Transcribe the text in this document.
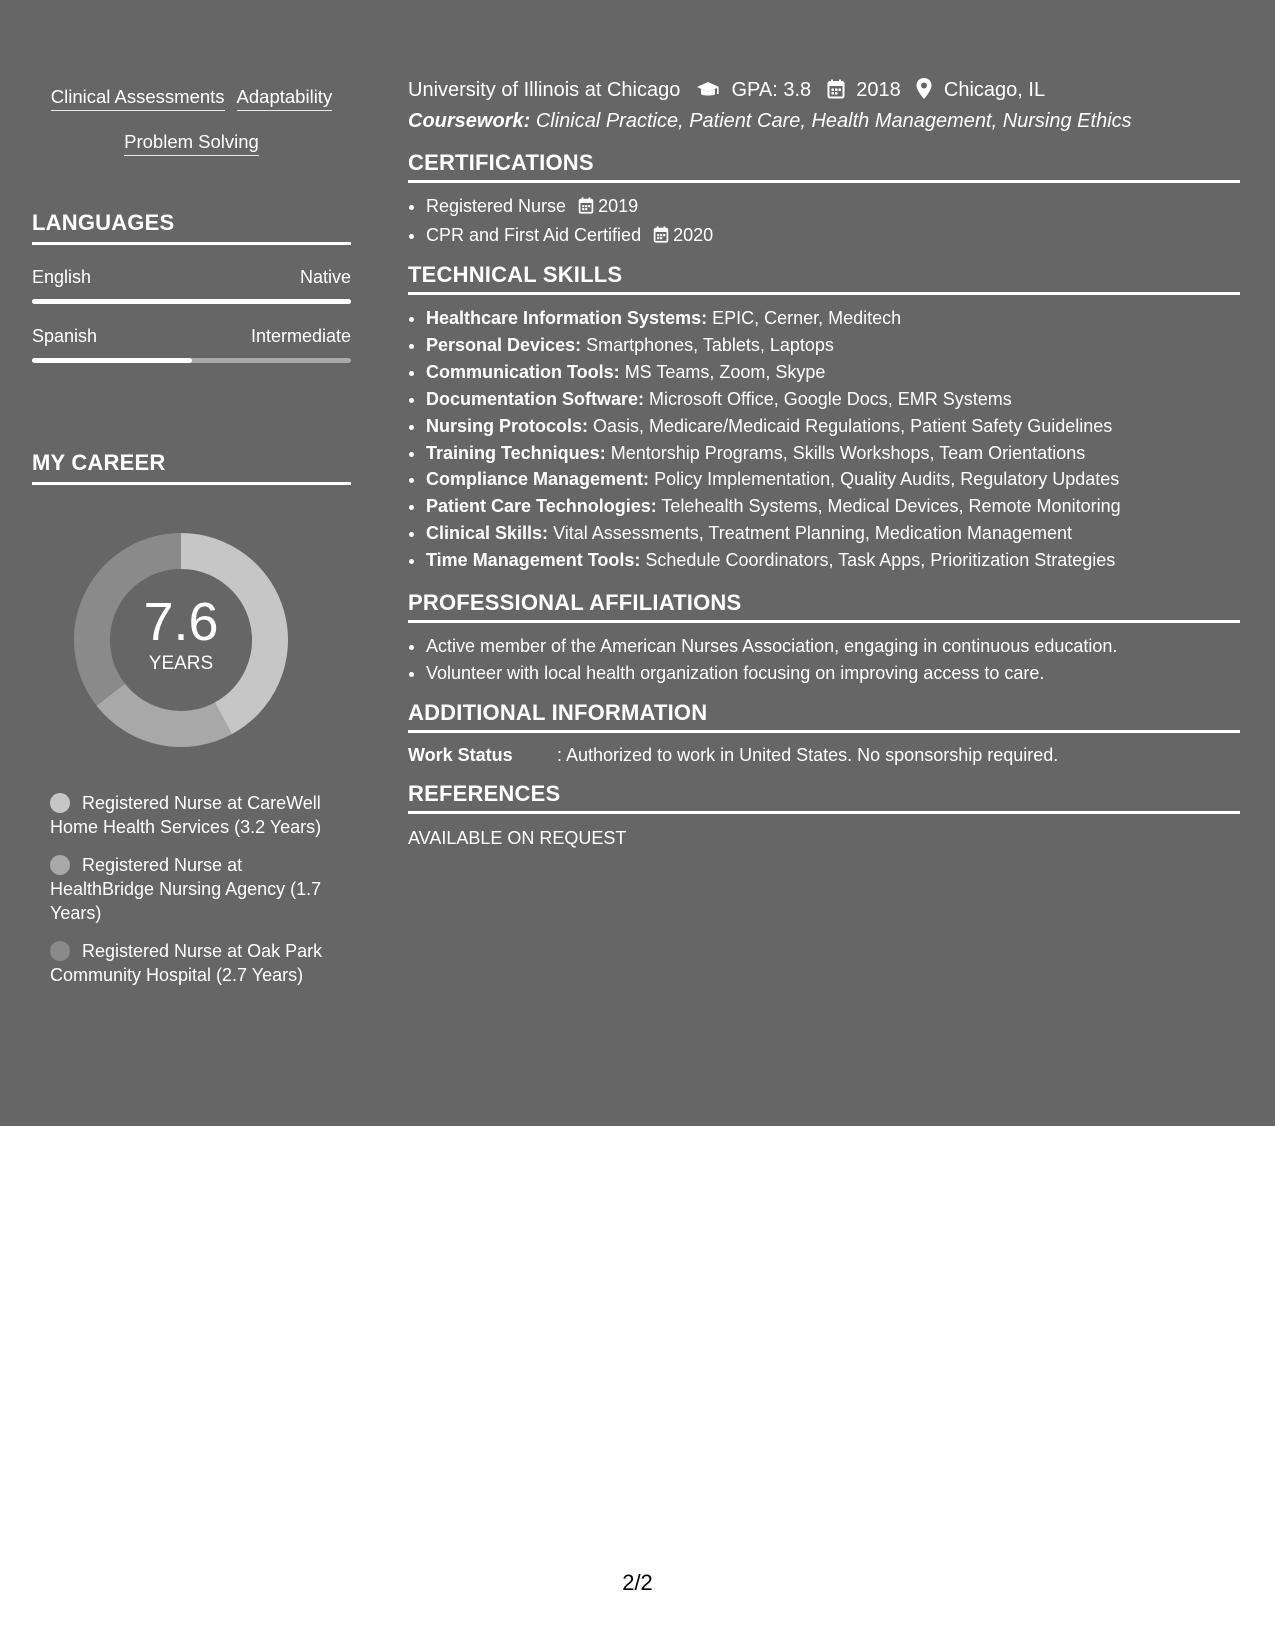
Clinical Assessments Adaptability
Problem Solving
LANGUAGES
English	Native
Spanish	Intermediate
MY CAREER
7.6
YEARS
Registered Nurse at CareWell Home Health Services (3.2 Years)
Registered Nurse at HealthBridge Nursing Agency (1.7 Years)
Registered Nurse at Oak Park Community Hospital (2.7 Years)
University of Illinois at Chicago	GPA: 3.8 2018 Chicago, IL
Coursework: Clinical Practice, Patient Care, Health Management, Nursing Ethics
CERTIFICATIONS
• Registered Nurse 2019
• CPR and First Aid Certified 2020
TECHNICAL SKILLS
• Healthcare Information Systems: EPIC, Cerner, Meditech
• Personal Devices: Smartphones, Tablets, Laptops
• Communication Tools: MS Teams, Zoom, Skype
• Documentation Software: Microsoft Office, Google Docs, EMR Systems
• Nursing Protocols: Oasis, Medicare/Medicaid Regulations, Patient Safety Guidelines
• Training Techniques: Mentorship Programs, Skills Workshops, Team Orientations
• Compliance Management: Policy Implementation, Quality Audits, Regulatory Updates
• Patient Care Technologies: Telehealth Systems, Medical Devices, Remote Monitoring
• Clinical Skills: Vital Assessments, Treatment Planning, Medication Management
• Time Management Tools: Schedule Coordinators, Task Apps, Prioritization Strategies
PROFESSIONAL AFFILIATIONS
• Active member of the American Nurses Association, engaging in continuous education.
• Volunteer with local health organization focusing on improving access to care.
ADDITIONAL INFORMATION
Work Status : Authorized to work in United States. No sponsorship required.
REFERENCES
AVAILABLE ON REQUEST
2/2
